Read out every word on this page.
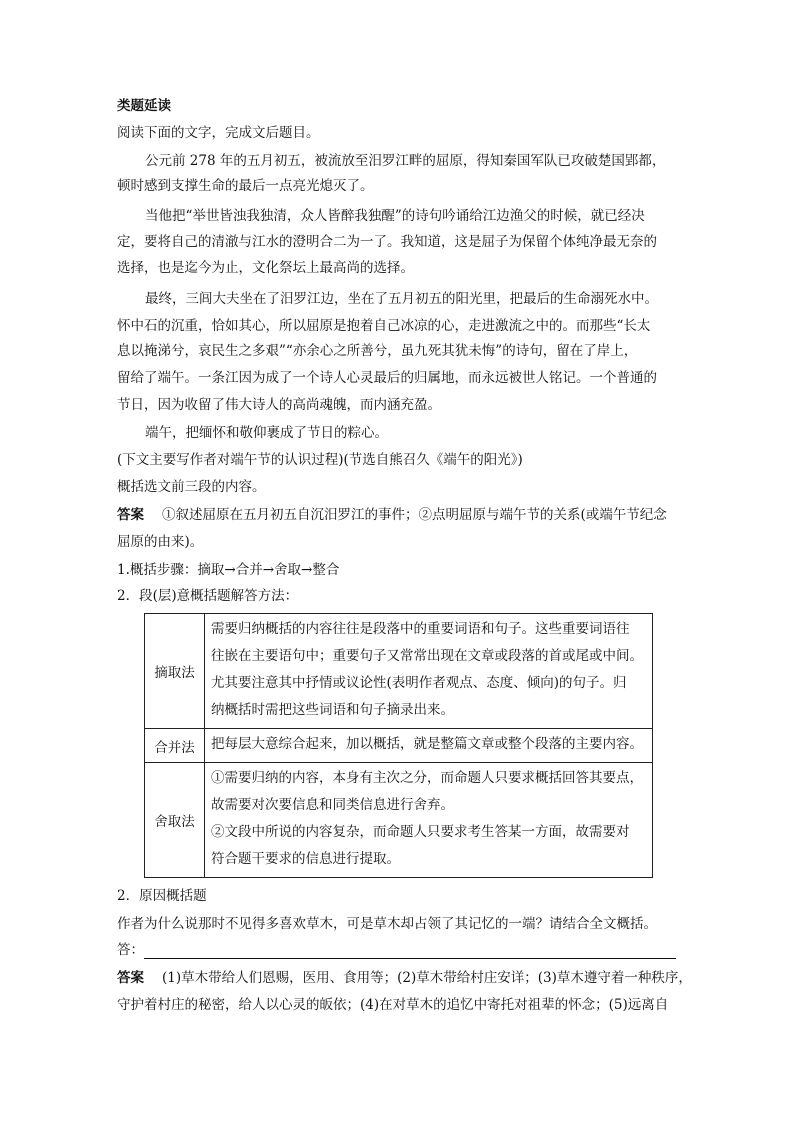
类题延读
阅读下面的文字，完成文后题目。
公元前 278 年的五月初五，被流放至汨罗江畔的屈原，得知秦国军队已攻破楚国郢都，
顿时感到支撑生命的最后一点亮光熄灭了。
当他把“举世皆浊我独清，众人皆醉我独醒”的诗句吟诵给江边渔父的时候，就已经决
定，要将自己的清澈与江水的澄明合二为一了。我知道，这是屈子为保留个体纯净最无奈的
选择，也是迄今为止，文化祭坛上最高尚的选择。
最终，三闾大夫坐在了汨罗江边，坐在了五月初五的阳光里，把最后的生命溺死水中。
怀中石的沉重，恰如其心，所以屈原是抱着自己冰凉的心，走进激流之中的。而那些“长太
息以掩涕兮，哀民生之多艰”“亦余心之所善兮，虽九死其犹未悔”的诗句，留在了岸上，
留给了端午。一条江因为成了一个诗人心灵最后的归属地，而永远被世人铭记。一个普通的
节日，因为收留了伟大诗人的高尚魂魄，而内涵充盈。
端午，把缅怀和敬仰裹成了节日的粽心。
(下文主要写作者对端午节的认识过程)(节选自熊召久《端午的阳光》)
概括选文前三段的内容。
答案 ①叙述屈原在五月初五自沉汨罗江的事件；②点明屈原与端午节的关系(或端午节纪念
屈原的由来)。
1.概括步骤：摘取→合并→舍取→整合
2．段(层)意概括题解答方法：
摘取法	需要归纳概括的内容往往是段落中的重要词语和句子。这些重要词语往
往嵌在主要语句中；重要句子又常常出现在文章或段落的首或尾或中间。
尤其要注意其中抒情或议论性(表明作者观点、态度、倾向)的句子。归
纳概括时需把这些词语和句子摘录出来。

合并法	把每层大意综合起来，加以概括，就是整篇文章或整个段落的主要内容。

舍取法	①需要归纳的内容，本身有主次之分，而命题人只要求概括回答其要点，
故需要对次要信息和同类信息进行舍弃。
②文段中所说的内容复杂，而命题人只要求考生答某一方面，故需要对
符合题干要求的信息进行提取。
2．原因概括题
作者为什么说那时不见得多喜欢草木，可是草木却占领了其记忆的一端？请结合全文概括。
答：
答案 (1)草木带给人们恩赐，医用、食用等；(2)草木带给村庄安详；(3)草木遵守着一种秩序，
守护着村庄的秘密，给人以心灵的皈依；(4)在对草木的追忆中寄托对祖辈的怀念；(5)远离自
